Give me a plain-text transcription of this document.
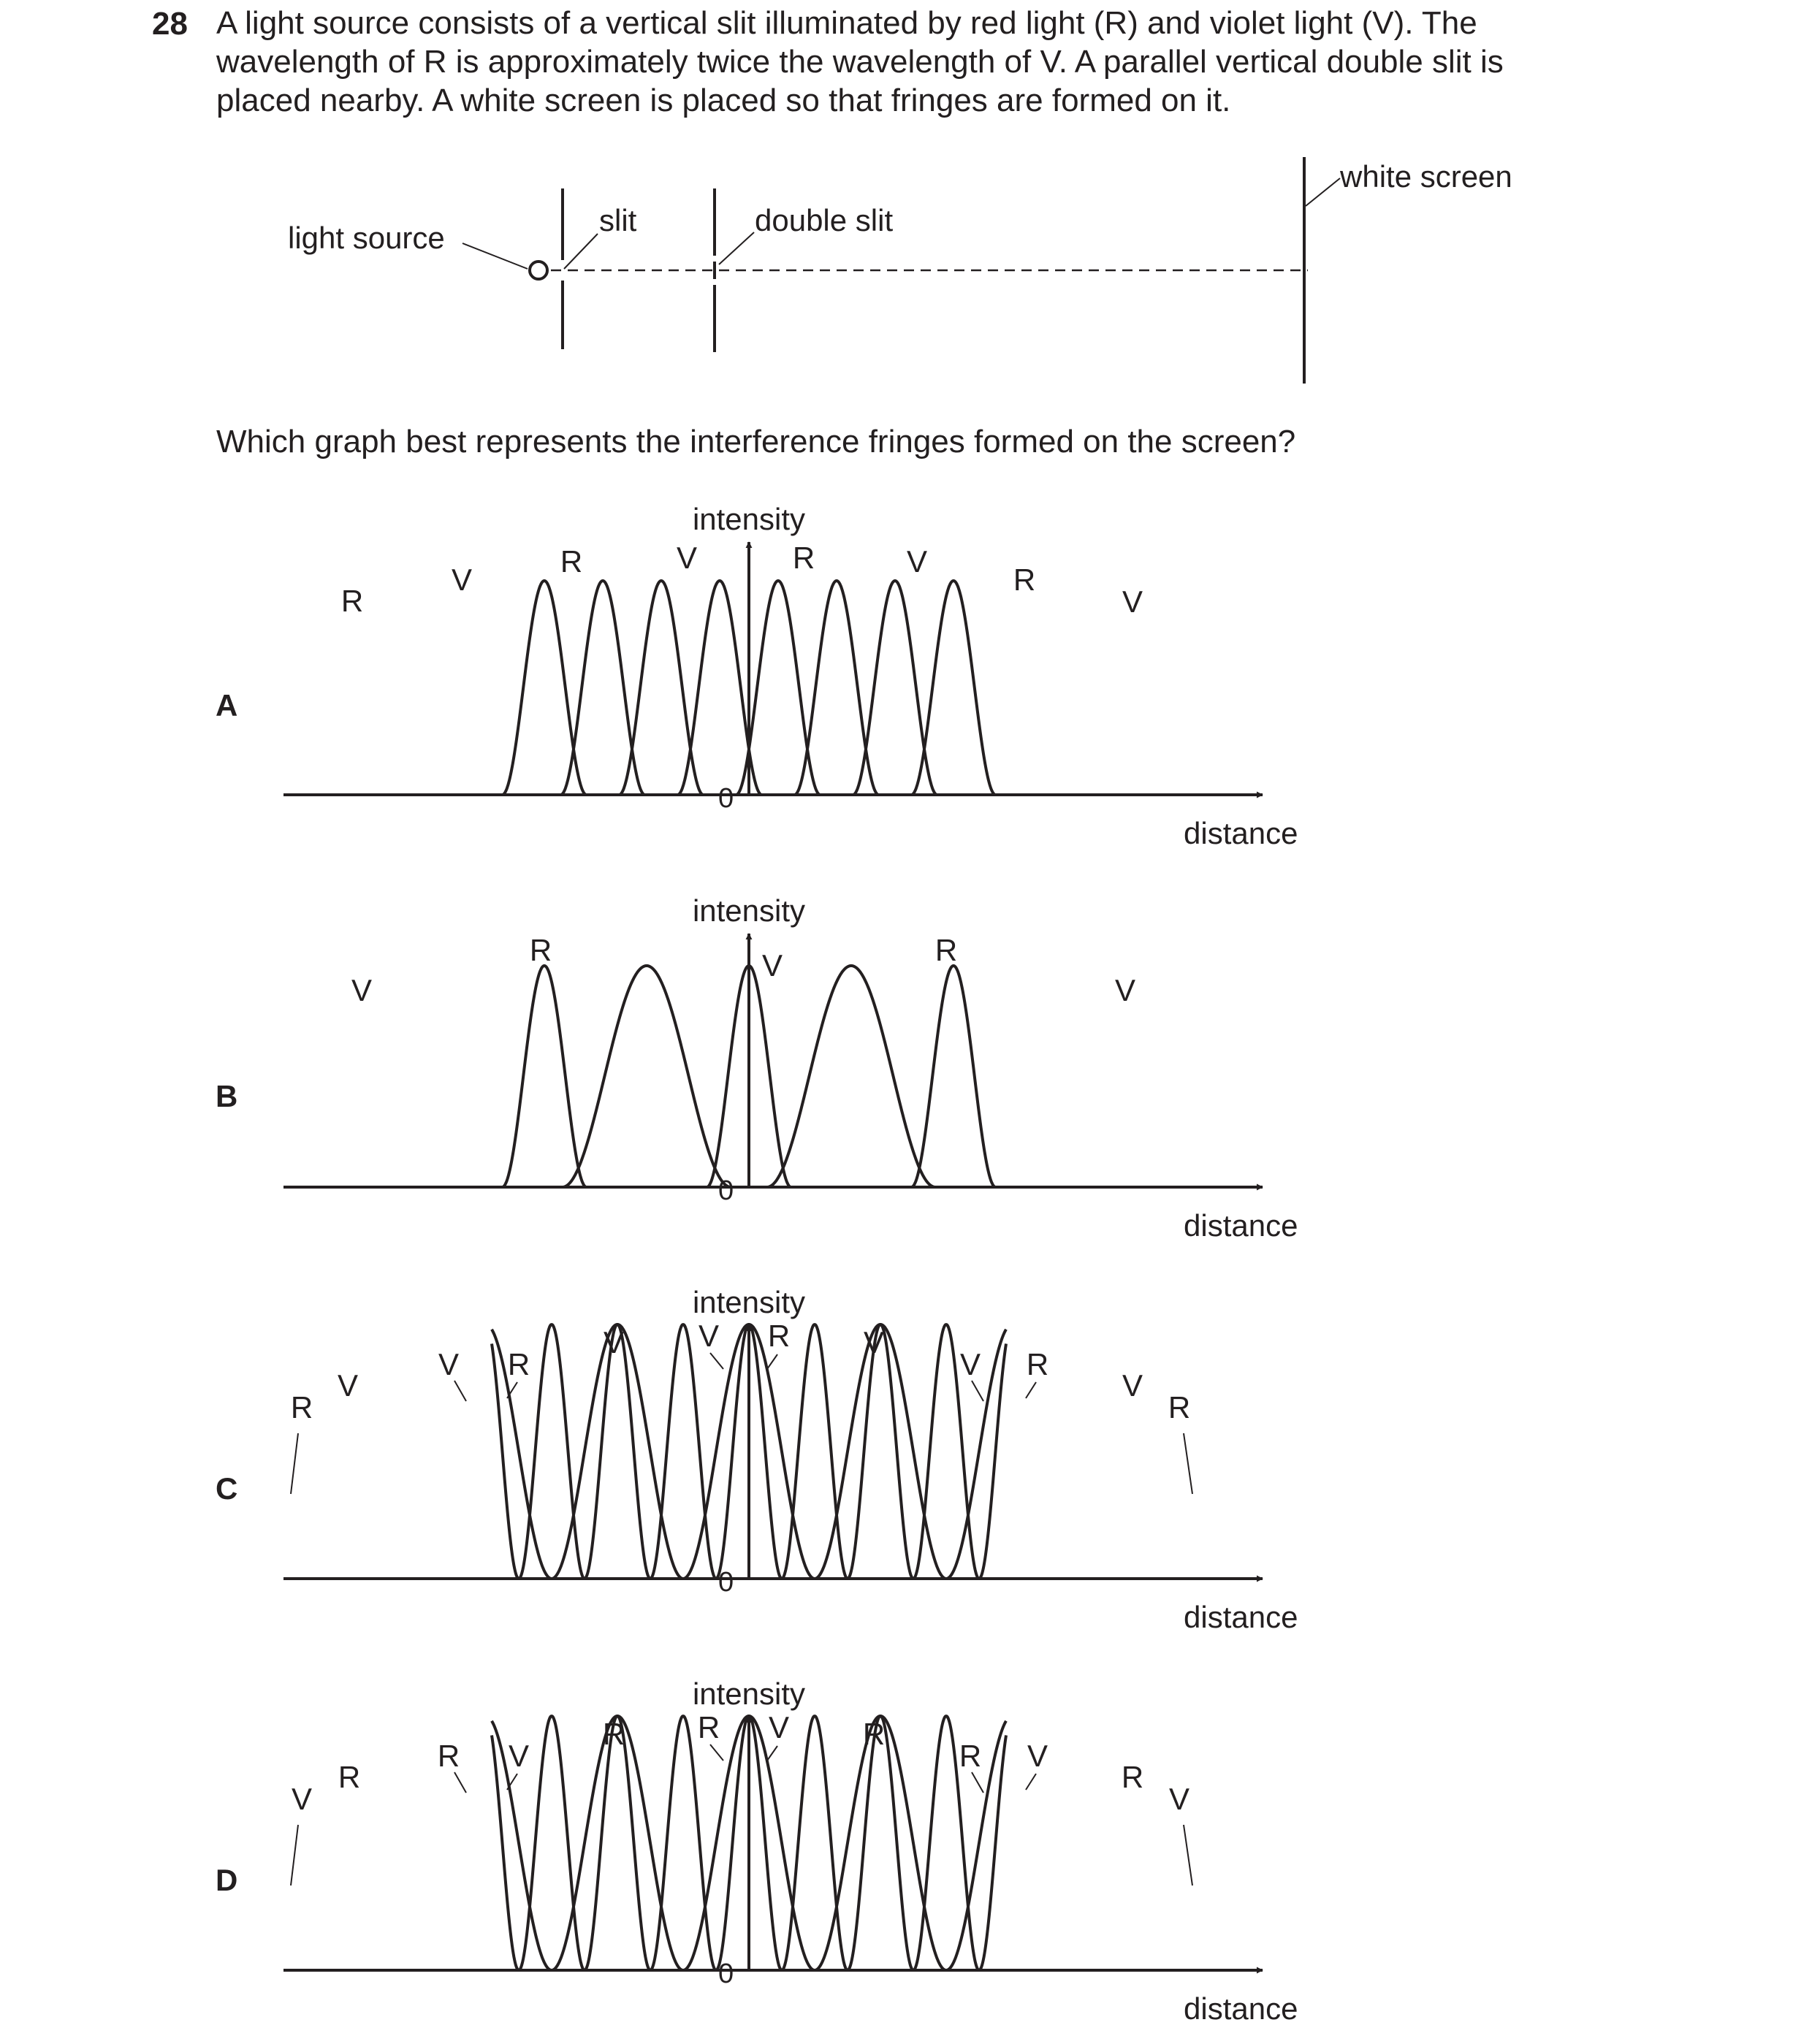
28 A light source consists of a vertical slit illuminated by red light (R) and violet light (V). The
wavelength of R is approximately twice the wavelength of V. A parallel vertical double slit is
placed nearby. A white screen is placed so that fringes are formed on it.
Which graph best represents the interference fringes formed on the screen?
light source
slit	double slit
white screen
A
intensity
distance
0
R
V
R	V	R	V
R
V
B
intensity
distance
0
V
R	V	R
V
C
intensity
distance
0
R
V
V R
V V R V
V R
V
R
D
intensity
distance
0
V
R
R V
R R V R
R V
R
V
